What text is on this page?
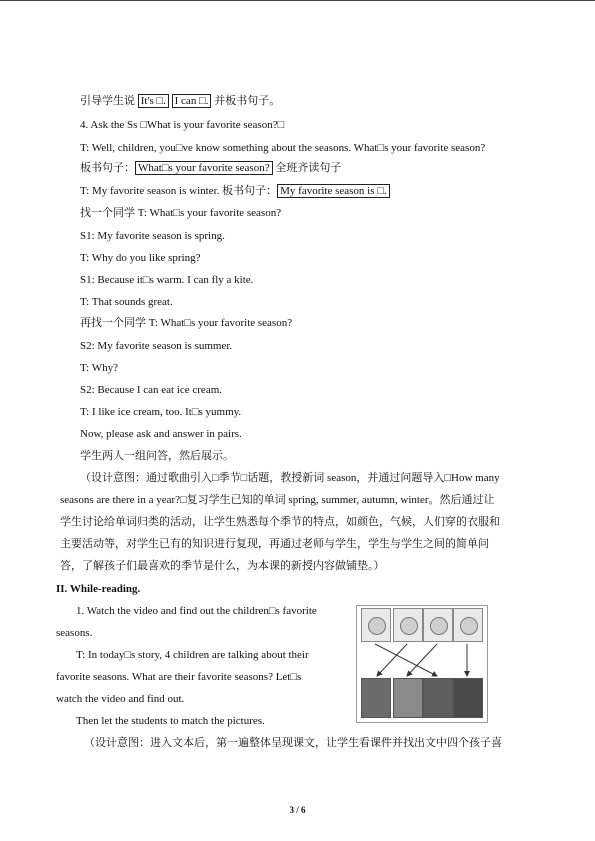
引导学生说 It's □. I can □. 并板书句子。
4. Ask the Ss □What is your favorite season?□
T: Well, children, you□ve know something about the seasons. What□s your favorite season?
板书句子： What□s your favorite season? 全班齐读句子
T: My favorite season is winter. 板书句子： My favorite season is □.
找一个同学 T: What□s your favorite season?
S1: My favorite season is spring.
T: Why do you like spring?
S1: Because it□s warm. I can fly a kite.
T: That sounds great.
再找一个同学 T: What□s your favorite season?
S2: My favorite season is summer.
T: Why?
S2: Because I can eat ice cream.
T: I like ice cream, too. It□s yummy.
Now, please ask and answer in pairs.
学生两人一组问答，然后展示。
（设计意图：通过歌曲引入□季节□话题，教授新词 season，并通过问题导入□How many
seasons are there in a year?□复习学生已知的单词 spring, summer, autumn, winter。然后通过让
学生讨论给单词归类的活动，让学生熟悉每个季节的特点，如颜色，气候，人们穿的衣服和
主要活动等，对学生已有的知识进行复现，再通过老师与学生，学生与学生之间的简单问
答，了解孩子们最喜欢的季节是什么，为本课的新授内容做铺垫。）
II. While-reading.
1. Watch the video and find out the children□s favorite
seasons.
T: In today□s story, 4 children are talking about their
favorite seasons. What are their favorite seasons? Let□s
watch the video and find out.
Then let the students to match the pictures.
（设计意图：进入文本后，第一遍整体呈现课文，让学生看课件并找出文中四个孩子喜
3 / 6
